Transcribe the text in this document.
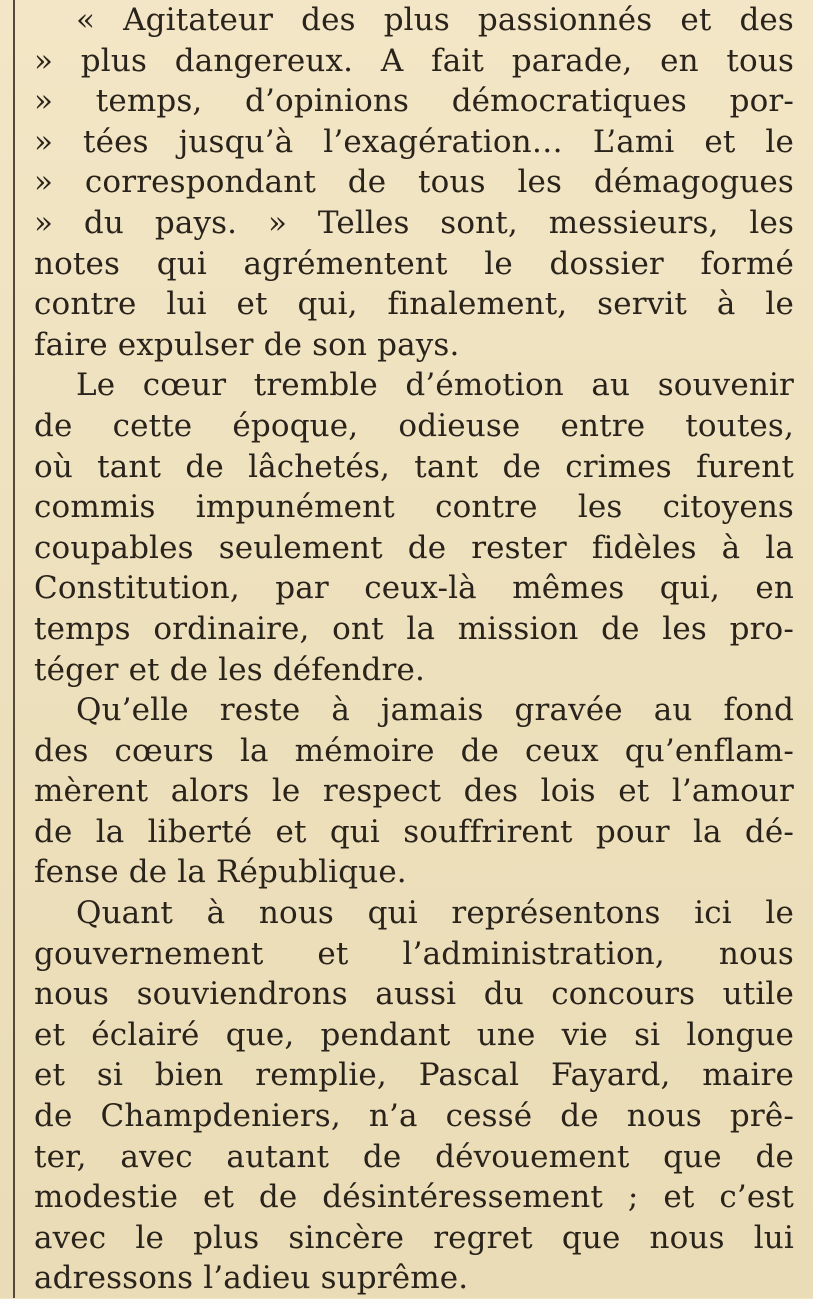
« Agitateur des plus passionnés et des
» plus dangereux. A fait parade, en tous
» temps, d’opinions démocratiques por-
» tées jusqu’à l’exagération… L’ami et le
» correspondant de tous les démagogues
» du pays. » Telles sont, messieurs, les
notes qui agrémentent le dossier formé
contre lui et qui, finalement, servit à le
faire expulser de son pays.

Le cœur tremble d’émotion au souvenir
de cette époque, odieuse entre toutes,
où tant de lâchetés, tant de crimes furent
commis impunément contre les citoyens
coupables seulement de rester fidèles à la
Constitution, par ceux-là mêmes qui, en
temps ordinaire, ont la mission de les pro-
téger et de les défendre.

Qu’elle reste à jamais gravée au fond
des cœurs la mémoire de ceux qu’enflam-
mèrent alors le respect des lois et l’amour
de la liberté et qui souffrirent pour la dé-
fense de la République.

Quant à nous qui représentons ici le
gouvernement et l’administration, nous
nous souviendrons aussi du concours utile
et éclairé que, pendant une vie si longue
et si bien remplie, Pascal Fayard, maire
de Champdeniers, n’a cessé de nous prê-
ter, avec autant de dévouement que de
modestie et de désintéressement ; et c’est
avec le plus sincère regret que nous lui
adressons l’adieu suprême.
